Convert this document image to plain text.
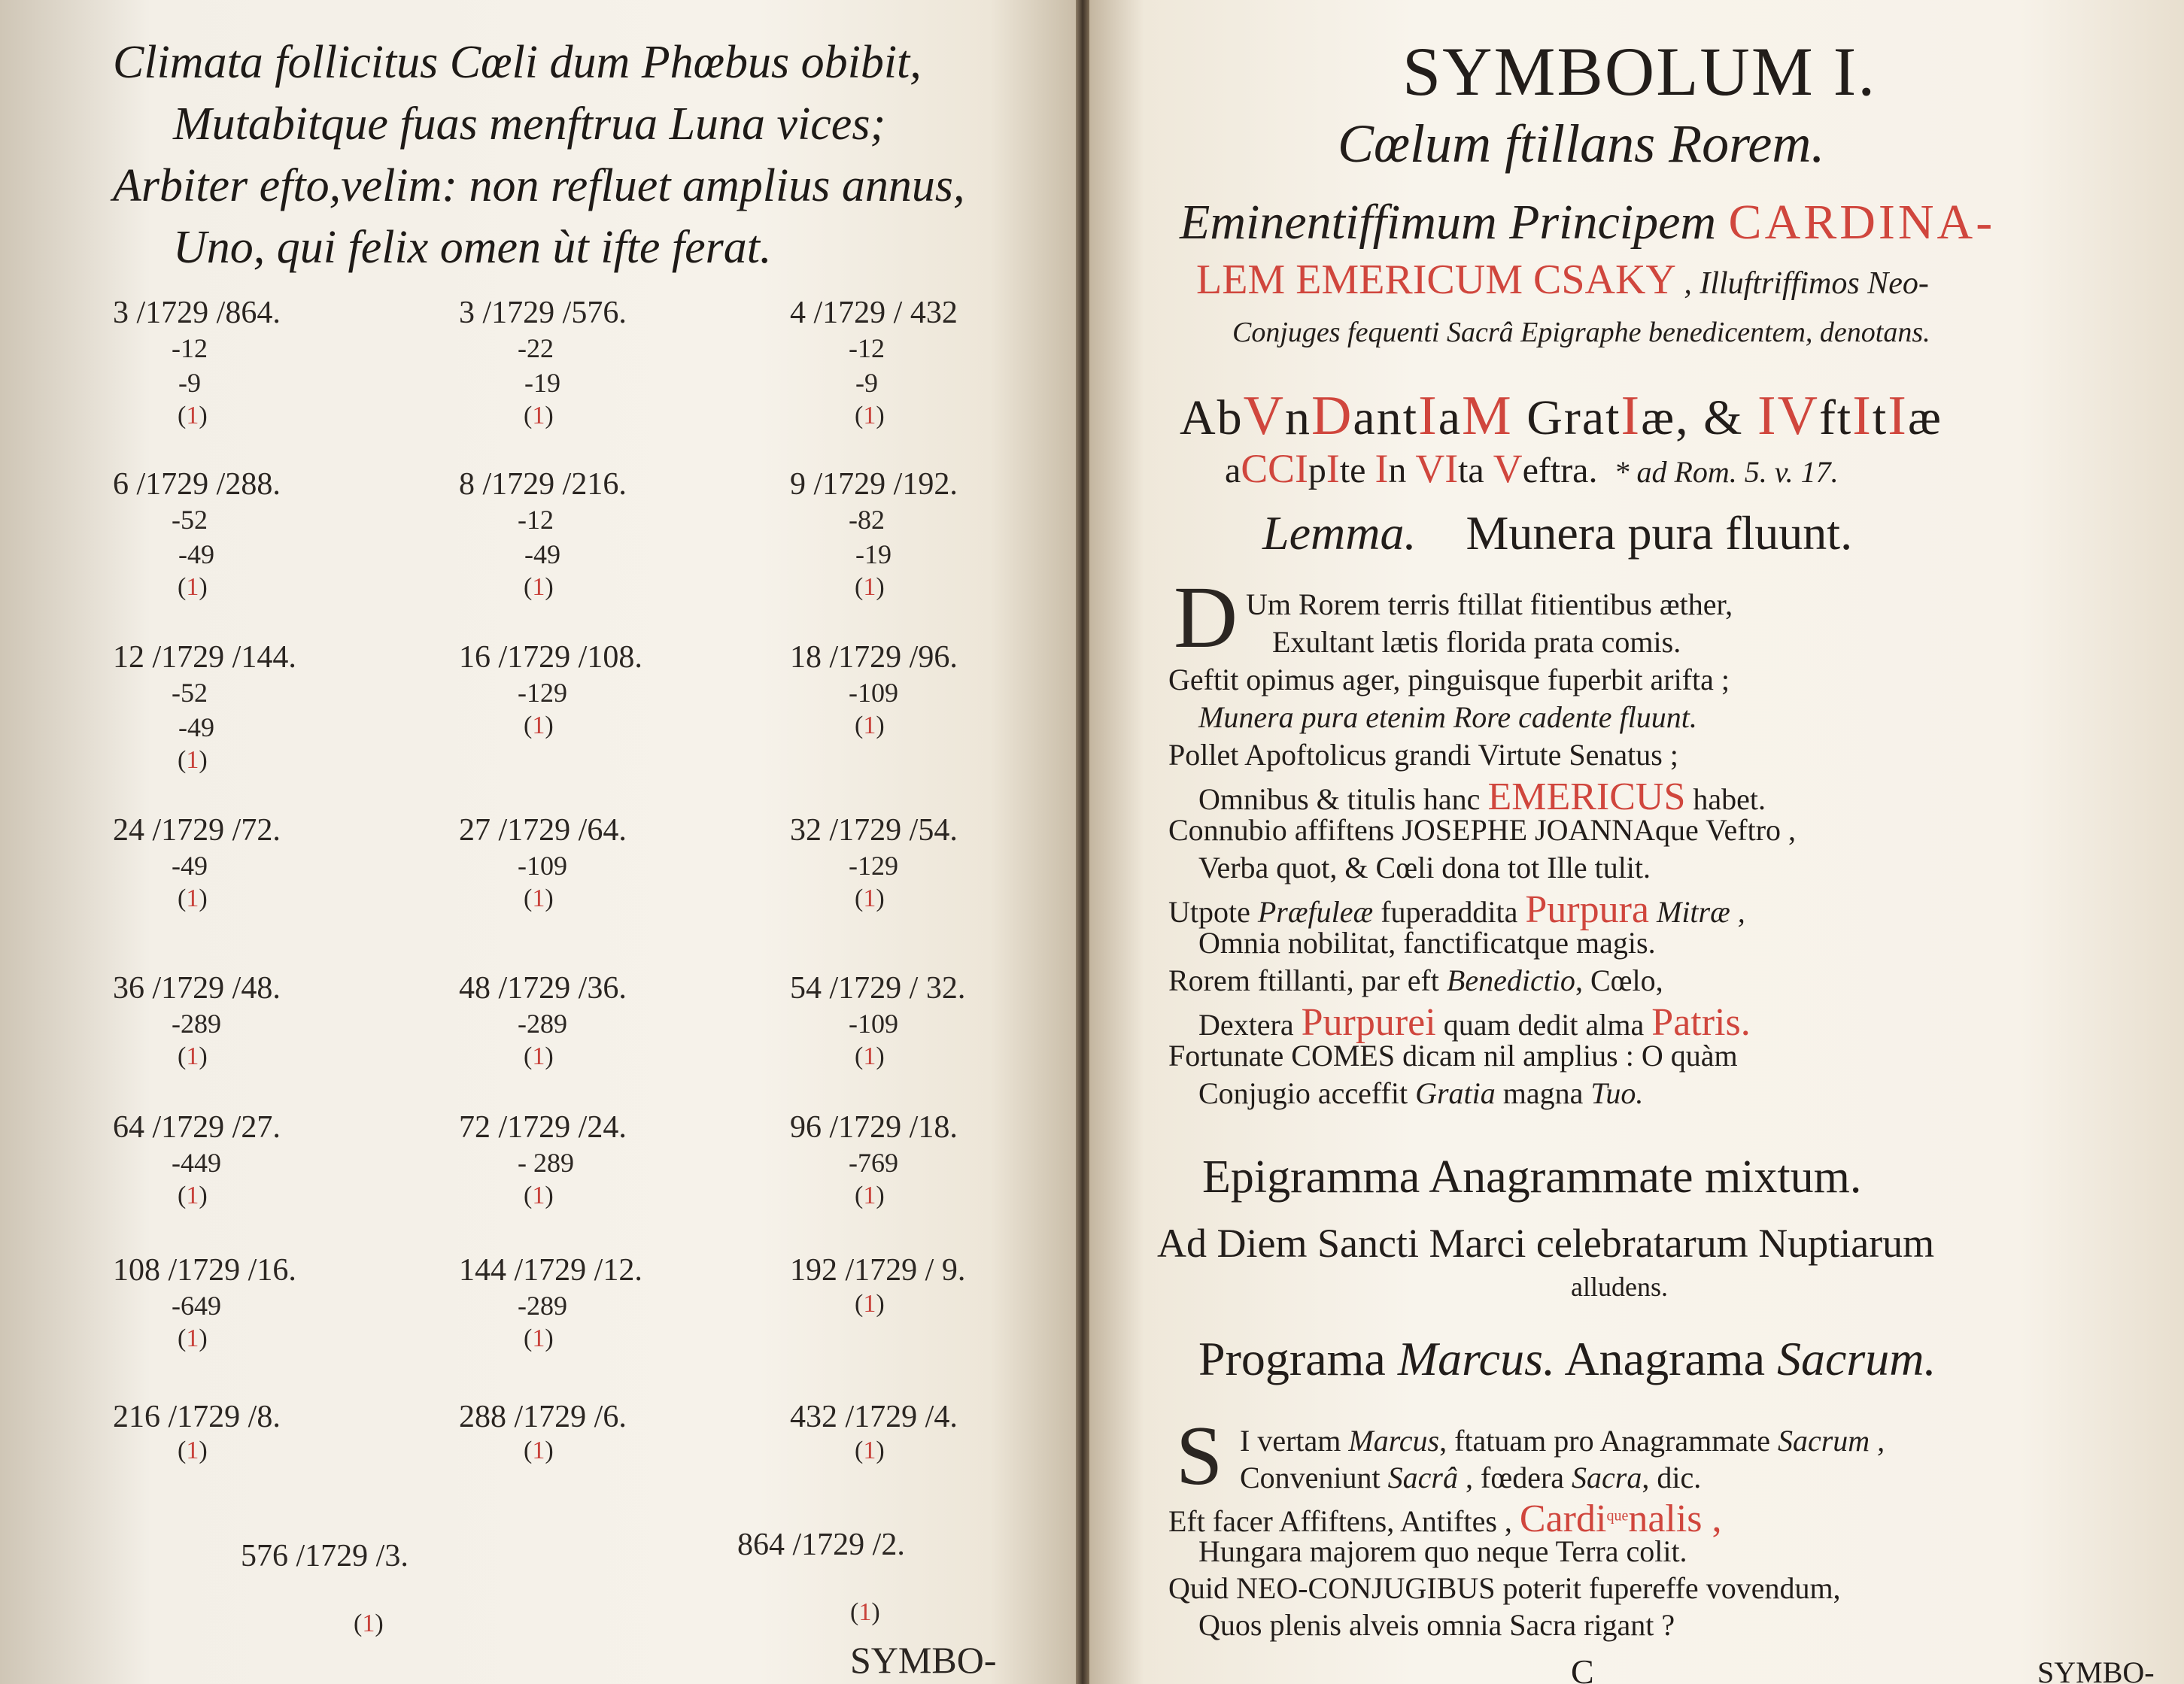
Climata follicitus Cœli dum Phœbus obibit,
Mutabitque fuas menftrua Luna vices;
Arbiter efto,velim: non refluet amplius annus,
Uno, qui felix omen ùt ifte ferat.
3 /1729 /864.
-12
-9
(1)
3 /1729 /576.
-22
-19
(1)
4 /1729 / 432
-12
-9
(1)
6 /1729 /288.
-52
-49
(1)
8 /1729 /216.
-12
-49
(1)
9 /1729 /192.
-82
-19
(1)
12 /1729 /144.
-52
-49
(1)
16 /1729 /108.
-129
(1)
18 /1729 /96.
-109
(1)
24 /1729 /72.
-49
(1)
27 /1729 /64.
-109
(1)
32 /1729 /54.
-129
(1)
36 /1729 /48.
-289
(1)
48 /1729 /36.
-289
(1)
54 /1729 / 32.
-109
(1)
64 /1729 /27.
-449
(1)
72 /1729 /24.
- 289
(1)
96 /1729 /18.
-769
(1)
108 /1729 /16.
-649
(1)
144 /1729 /12.
-289
(1)
192 /1729 / 9.
(1)
216 /1729 /8.
(1)
288 /1729 /6.
(1)
432 /1729 /4.
(1)
576 /1729 /3.
(1)
864 /1729 /2.
(1)
SYMBO-
SYMBOLUM I.
Cœlum ftillans Rorem.
Eminentiffimum Principem CARDINA-
LEM EMERICUM CSAKY , Illuftriffimos Neo-
Conjuges fequenti Sacrâ Epigraphe benedicentem, denotans.
AbVnDantIaM GratIæ, & IVftItIæ
aCCIpIte In VIta Veftra. * ad Rom. 5. v. 17.
Lemma. Munera pura fluunt.
D Um Rorem terris ftillat fitientibus æther,
Exultant lætis florida prata comis.
Geftit opimus ager, pinguisque fuperbit arifta ;
Munera pura etenim Rore cadente fluunt.
Pollet Apoftolicus grandi Virtute Senatus ;
Omnibus & titulis hanc EMERICUS habet.
Connubio affiftens JOSEPHE JOANNAque Veftro ,
Verba quot, & Cœli dona tot Ille tulit.
Utpote Præfuleæ fuperaddita Purpura Mitræ ,
Omnia nobilitat, fanctificatque magis.
Rorem ftillanti, par eft Benedictio, Cœlo,
Dextera Purpurei quam dedit alma Patris.
Fortunate COMES dicam nil amplius : O quàm
Conjugio acceffit Gratia magna Tuo.
Epigramma Anagrammate mixtum.
Ad Diem Sancti Marci celebratarum Nuptiarum
alludens.
Programa Marcus. Anagrama Sacrum.
S I vertam Marcus, ftatuam pro Anagrammate Sacrum ,
Conveniunt Sacrâ , fœdera Sacra, dic.
Eft facer Affiftens, Antiftes , Cardi$^{que}$nalis ,
Hungara majorem quo neque Terra colit.
Quid NEO-CONJUGIBUS poterit fupereffe vovendum,
Quos plenis alveis omnia Sacra rigant ?
C	SYMBO-
